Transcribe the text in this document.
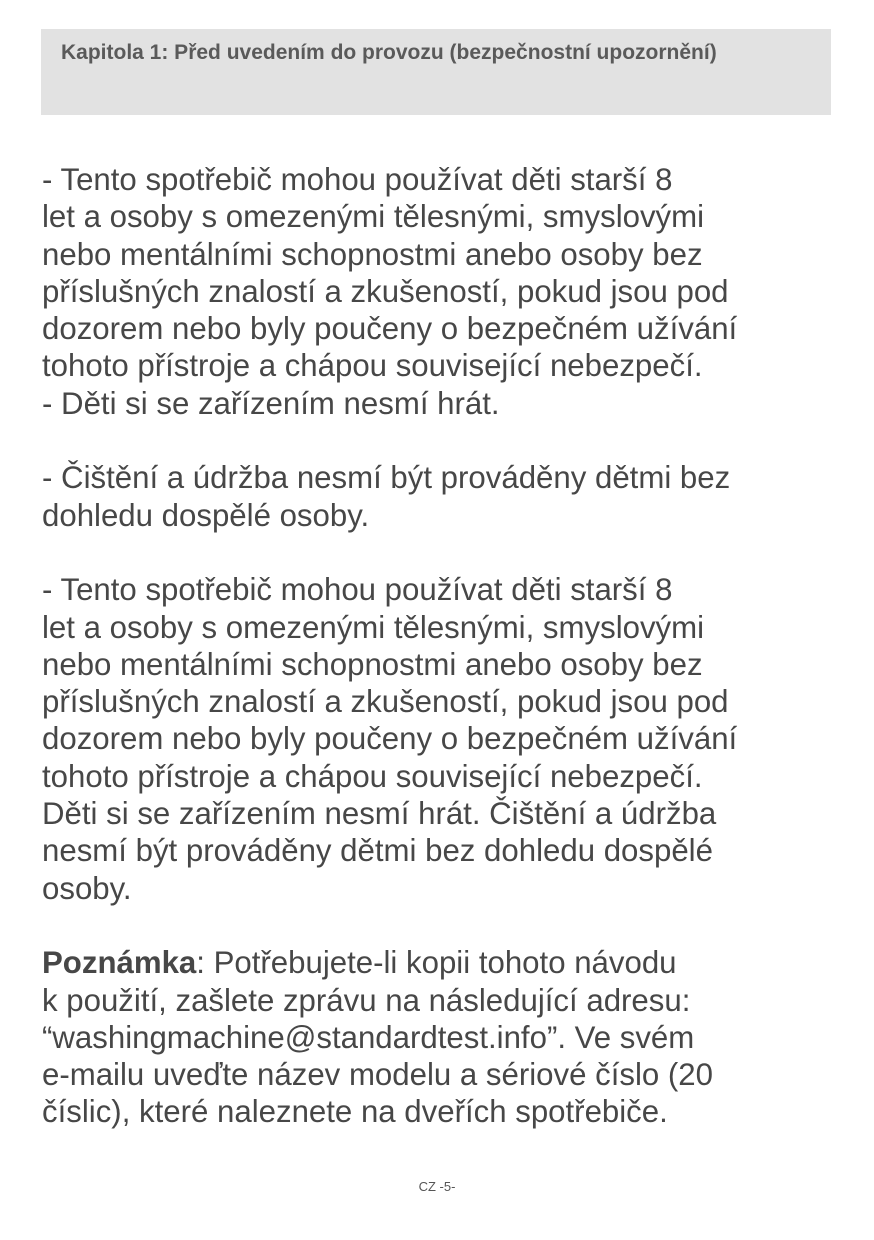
Kapitola 1: Před uvedením do provozu (bezpečnostní upozornění)

- Tento spotřebič mohou používat děti starší 8
let a osoby s omezenými tělesnými, smyslovými
nebo mentálními schopnostmi anebo osoby bez
příslušných znalostí a zkušeností, pokud jsou pod
dozorem nebo byly poučeny o bezpečném užívání
tohoto přístroje a chápou související nebezpečí.
- Děti si se zařízením nesmí hrát.
- Čištění a údržba nesmí být prováděny dětmi bez
dohledu dospělé osoby.
- Tento spotřebič mohou používat děti starší 8
let a osoby s omezenými tělesnými, smyslovými
nebo mentálními schopnostmi anebo osoby bez
příslušných znalostí a zkušeností, pokud jsou pod
dozorem nebo byly poučeny o bezpečném užívání
tohoto přístroje a chápou související nebezpečí.
Děti si se zařízením nesmí hrát. Čištění a údržba
nesmí být prováděny dětmi bez dohledu dospělé
osoby.
Poznámka: Potřebujete-li kopii tohoto návodu
k použití, zašlete zprávu na následující adresu:
“washingmachine@standardtest.info”. Ve svém
e-mailu uveďte název modelu a sériové číslo (20
číslic), které naleznete na dveřích spotřebiče.
CZ -5-
